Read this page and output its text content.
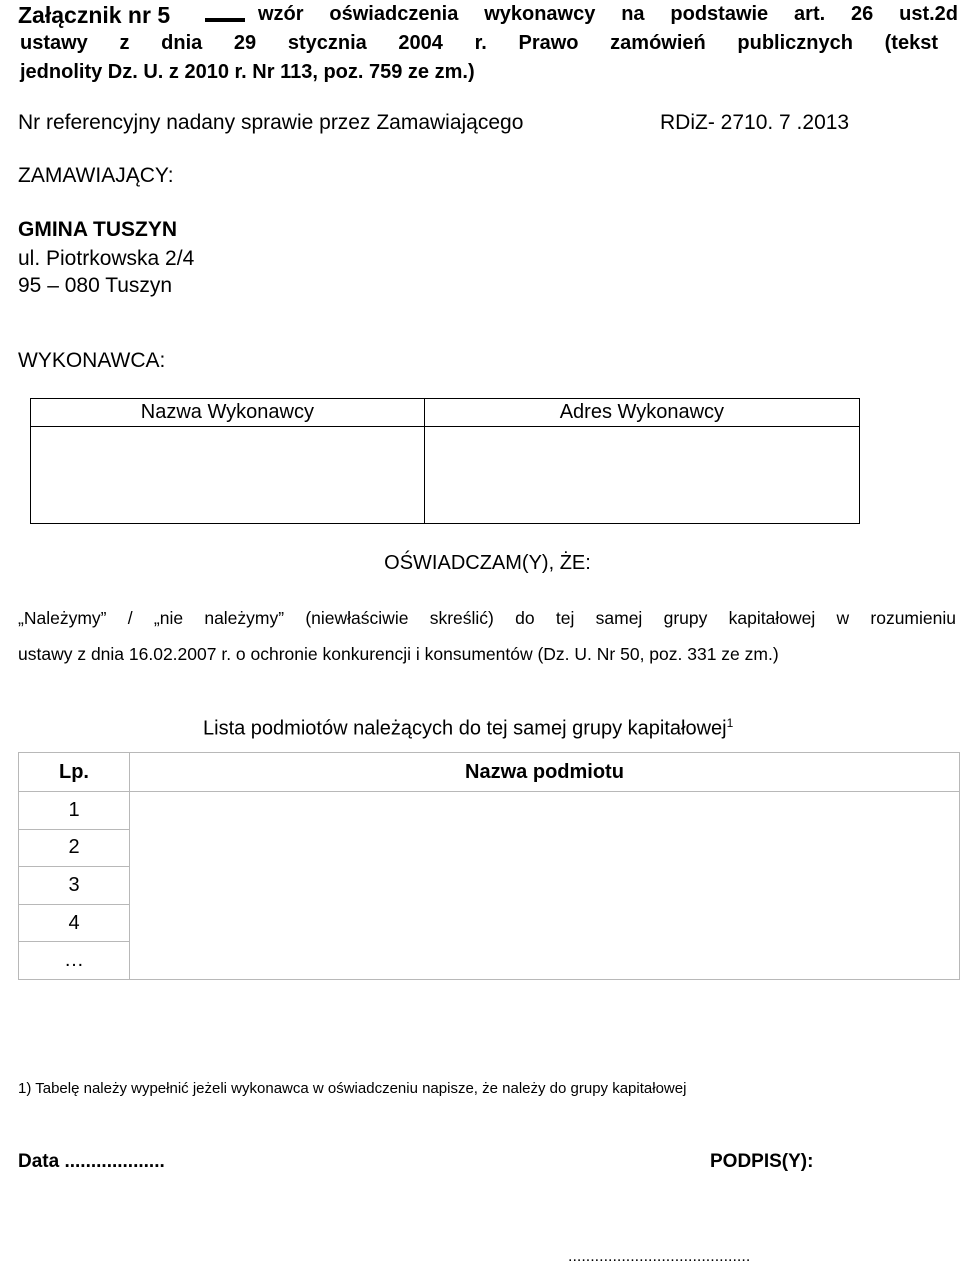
Załącznik nr 5	wzór oświadczenia wykonawcy na podstawie art. 26 ust.2d
ustawy z dnia 29 stycznia 2004 r. Prawo zamówień publicznych (tekst
jednolity Dz. U. z 2010 r. Nr 113, poz. 759 ze zm.)
Nr referencyjny nadany sprawie przez Zamawiającego	RDiZ- 2710. 7 .2013
ZAMAWIAJĄCY:
GMINA TUSZYN
ul. Piotrkowska 2/4
95 – 080 Tuszyn
WYKONAWCA:
Nazwa Wykonawcy	Adres Wykonawcy

OŚWIADCZAM(Y), ŻE:
„Należymy” / „nie należymy” (niewłaściwie skreślić) do tej samej grupy kapitałowej w rozumieniu
ustawy z dnia 16.02.2007 r. o ochronie konkurencji i konsumentów (Dz. U. Nr 50, poz. 331 ze zm.)
Lista podmiotów należących do tej samej grupy kapitałowej$^1$
Lp.	Nazwa podmiotu
1	
2	
3	
4	
…	
1) Tabelę należy wypełnić jeżeli wykonawca w oświadczeniu napisze, że należy do grupy kapitałowej
Data ...................	PODPIS(Y):
.........................................
